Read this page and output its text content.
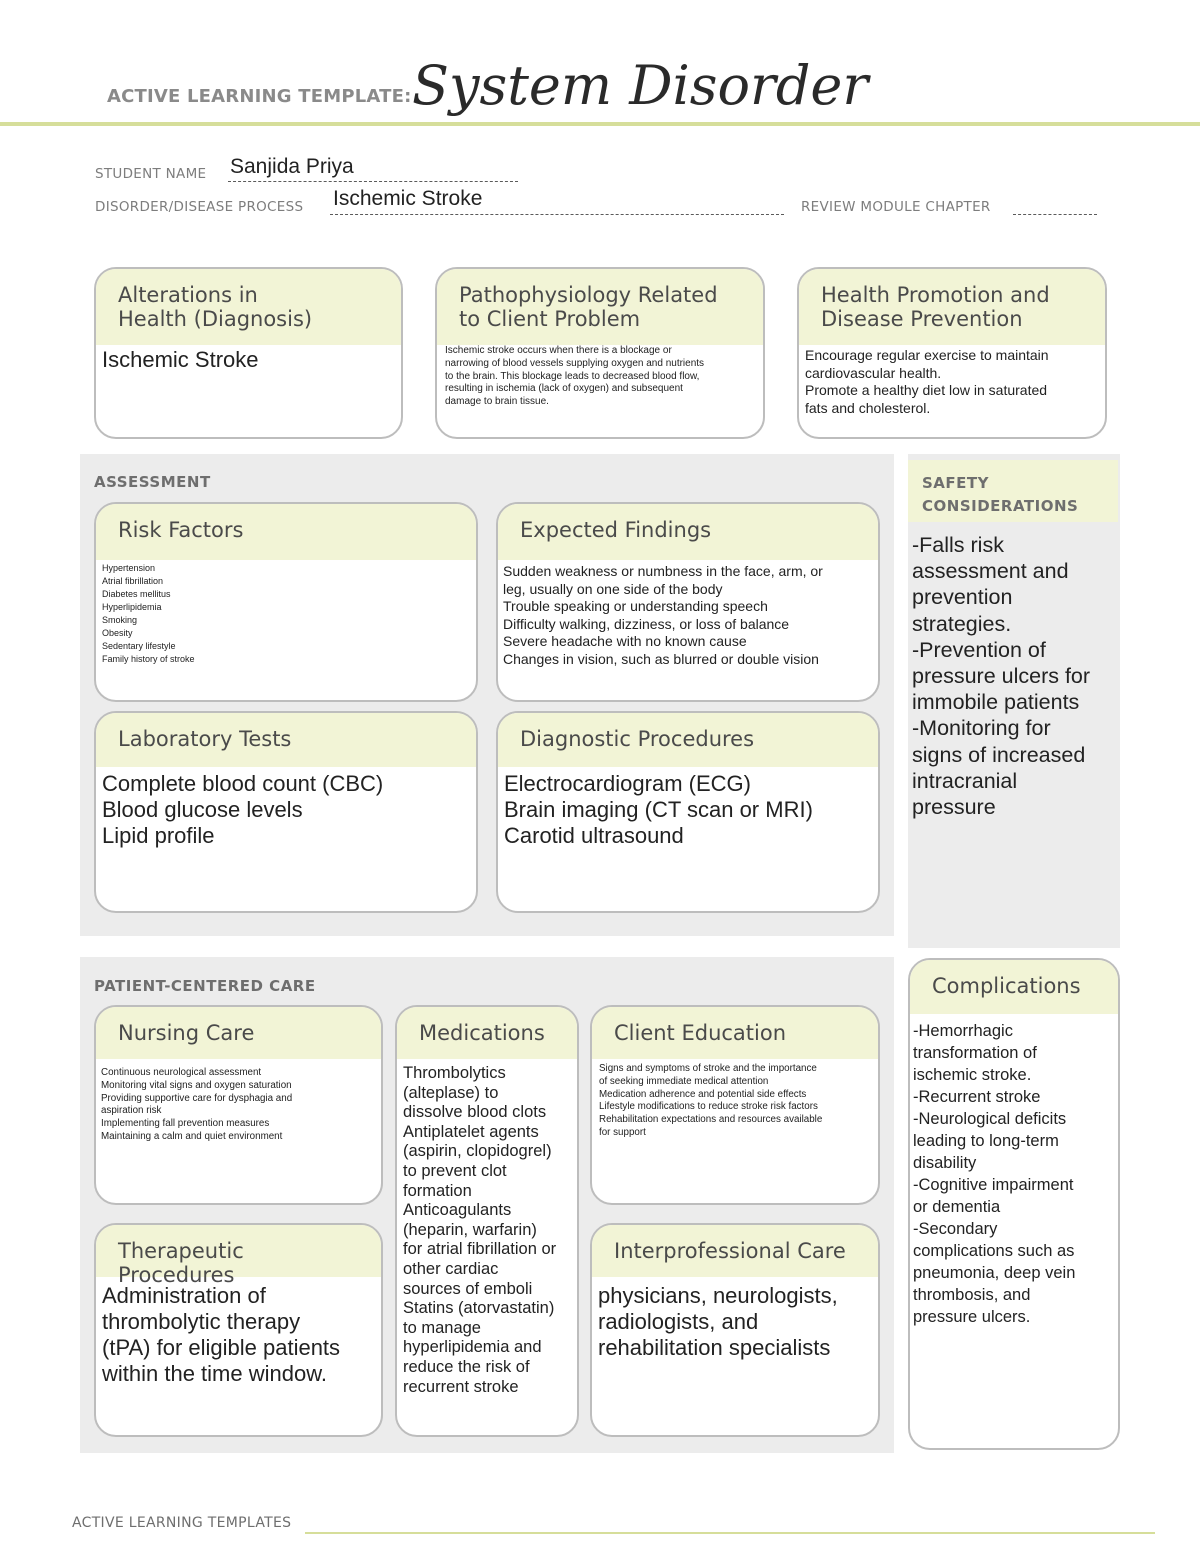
ACTIVE LEARNING TEMPLATE: System Disorder
STUDENT NAME Sanjida Priya
DISORDER/DISEASE PROCESS Ischemic Stroke	REVIEW MODULE CHAPTER
Alterations in
Health (Diagnosis)
Ischemic Stroke
Pathophysiology Related
to Client Problem
Ischemic stroke occurs when there is a blockage or
narrowing of blood vessels supplying oxygen and nutrients
to the brain. This blockage leads to decreased blood flow,
resulting in ischemia (lack of oxygen) and subsequent
damage to brain tissue.
Health Promotion and
Disease Prevention
Encourage regular exercise to maintain
cardiovascular health.
Promote a healthy diet low in saturated
fats and cholesterol.
ASSESSMENT
Risk Factors
Hypertension
Atrial fibrillation
Diabetes mellitus
Hyperlipidemia
Smoking
Obesity
Sedentary lifestyle
Family history of stroke
Expected Findings
Sudden weakness or numbness in the face, arm, or
leg, usually on one side of the body
Trouble speaking or understanding speech
Difficulty walking, dizziness, or loss of balance
Severe headache with no known cause
Changes in vision, such as blurred or double vision
Laboratory Tests
Complete blood count (CBC)
Blood glucose levels
Lipid profile
Diagnostic Procedures
Electrocardiogram (ECG)
Brain imaging (CT scan or MRI)
Carotid ultrasound
SAFETY
CONSIDERATIONS
-Falls risk
assessment and
prevention
strategies.
-Prevention of
pressure ulcers for
immobile patients
-Monitoring for
signs of increased
intracranial
pressure
PATIENT-CENTERED CARE
Nursing Care
Continuous neurological assessment
Monitoring vital signs and oxygen saturation
Providing supportive care for dysphagia and
aspiration risk
Implementing fall prevention measures
Maintaining a calm and quiet environment
Medications
Thrombolytics
(alteplase) to
dissolve blood clots
Antiplatelet agents
(aspirin, clopidogrel)
to prevent clot
formation
Anticoagulants
(heparin, warfarin)
for atrial fibrillation or
other cardiac
sources of emboli
Statins (atorvastatin)
to manage
hyperlipidemia and
reduce the risk of
recurrent stroke
Client Education
Signs and symptoms of stroke and the importance
of seeking immediate medical attention
Medication adherence and potential side effects
Lifestyle modifications to reduce stroke risk factors
Rehabilitation expectations and resources available
for support
Therapeutic Procedures
Administration of
thrombolytic therapy
(tPA) for eligible patients
within the time window.
Interprofessional Care
physicians, neurologists,
radiologists, and
rehabilitation specialists
Complications
-Hemorrhagic
transformation of
ischemic stroke.
-Recurrent stroke
-Neurological deficits
leading to long-term
disability
-Cognitive impairment
or dementia
-Secondary
complications such as
pneumonia, deep vein
thrombosis, and
pressure ulcers.
ACTIVE LEARNING TEMPLATES
